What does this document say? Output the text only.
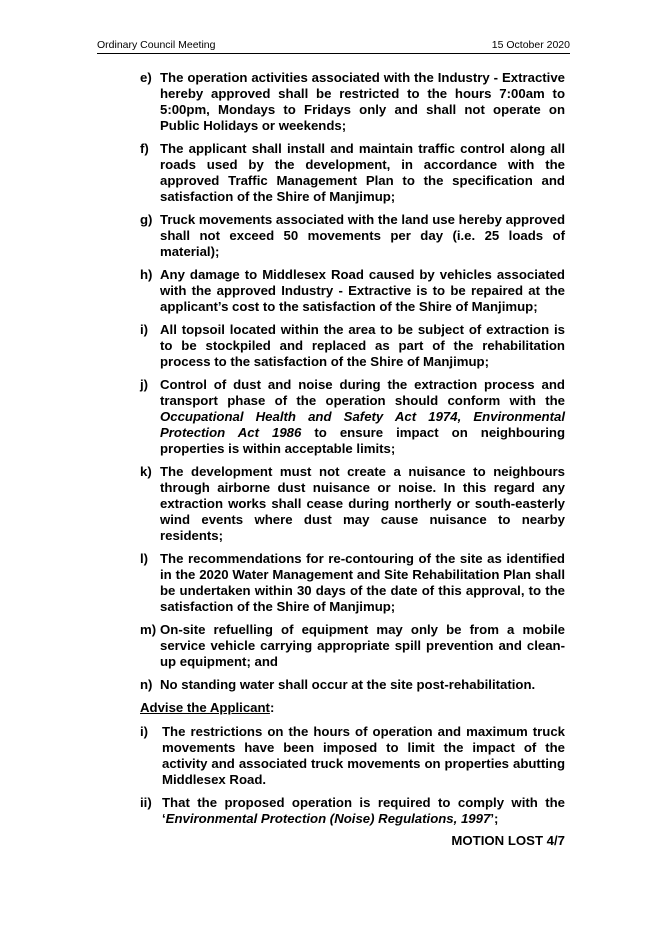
Ordinary Council Meeting	15 October 2020
e) The operation activities associated with the Industry - Extractive hereby approved shall be restricted to the hours 7:00am to 5:00pm, Mondays to Fridays only and shall not operate on Public Holidays or weekends;
f) The applicant shall install and maintain traffic control along all roads used by the development, in accordance with the approved Traffic Management Plan to the specification and satisfaction of the Shire of Manjimup;
g) Truck movements associated with the land use hereby approved shall not exceed 50 movements per day (i.e. 25 loads of material);
h) Any damage to Middlesex Road caused by vehicles associated with the approved Industry - Extractive is to be repaired at the applicant’s cost to the satisfaction of the Shire of Manjimup;
i) All topsoil located within the area to be subject of extraction is to be stockpiled and replaced as part of the rehabilitation process to the satisfaction of the Shire of Manjimup;
j) Control of dust and noise during the extraction process and transport phase of the operation should conform with the Occupational Health and Safety Act 1974, Environmental Protection Act 1986 to ensure impact on neighbouring properties is within acceptable limits;
k) The development must not create a nuisance to neighbours through airborne dust nuisance or noise. In this regard any extraction works shall cease during northerly or south-easterly wind events where dust may cause nuisance to nearby residents;
l) The recommendations for re-contouring of the site as identified in the 2020 Water Management and Site Rehabilitation Plan shall be undertaken within 30 days of the date of this approval, to the satisfaction of the Shire of Manjimup;
m) On-site refuelling of equipment may only be from a mobile service vehicle carrying appropriate spill prevention and clean-up equipment; and
n) No standing water shall occur at the site post-rehabilitation.
Advise the Applicant:
i)	The restrictions on the hours of operation and maximum truck movements have been imposed to limit the impact of the activity and associated truck movements on properties abutting Middlesex Road.
ii) That the proposed operation is required to comply with the ‘Environmental Protection (Noise) Regulations, 1997’;
MOTION LOST 4/7
